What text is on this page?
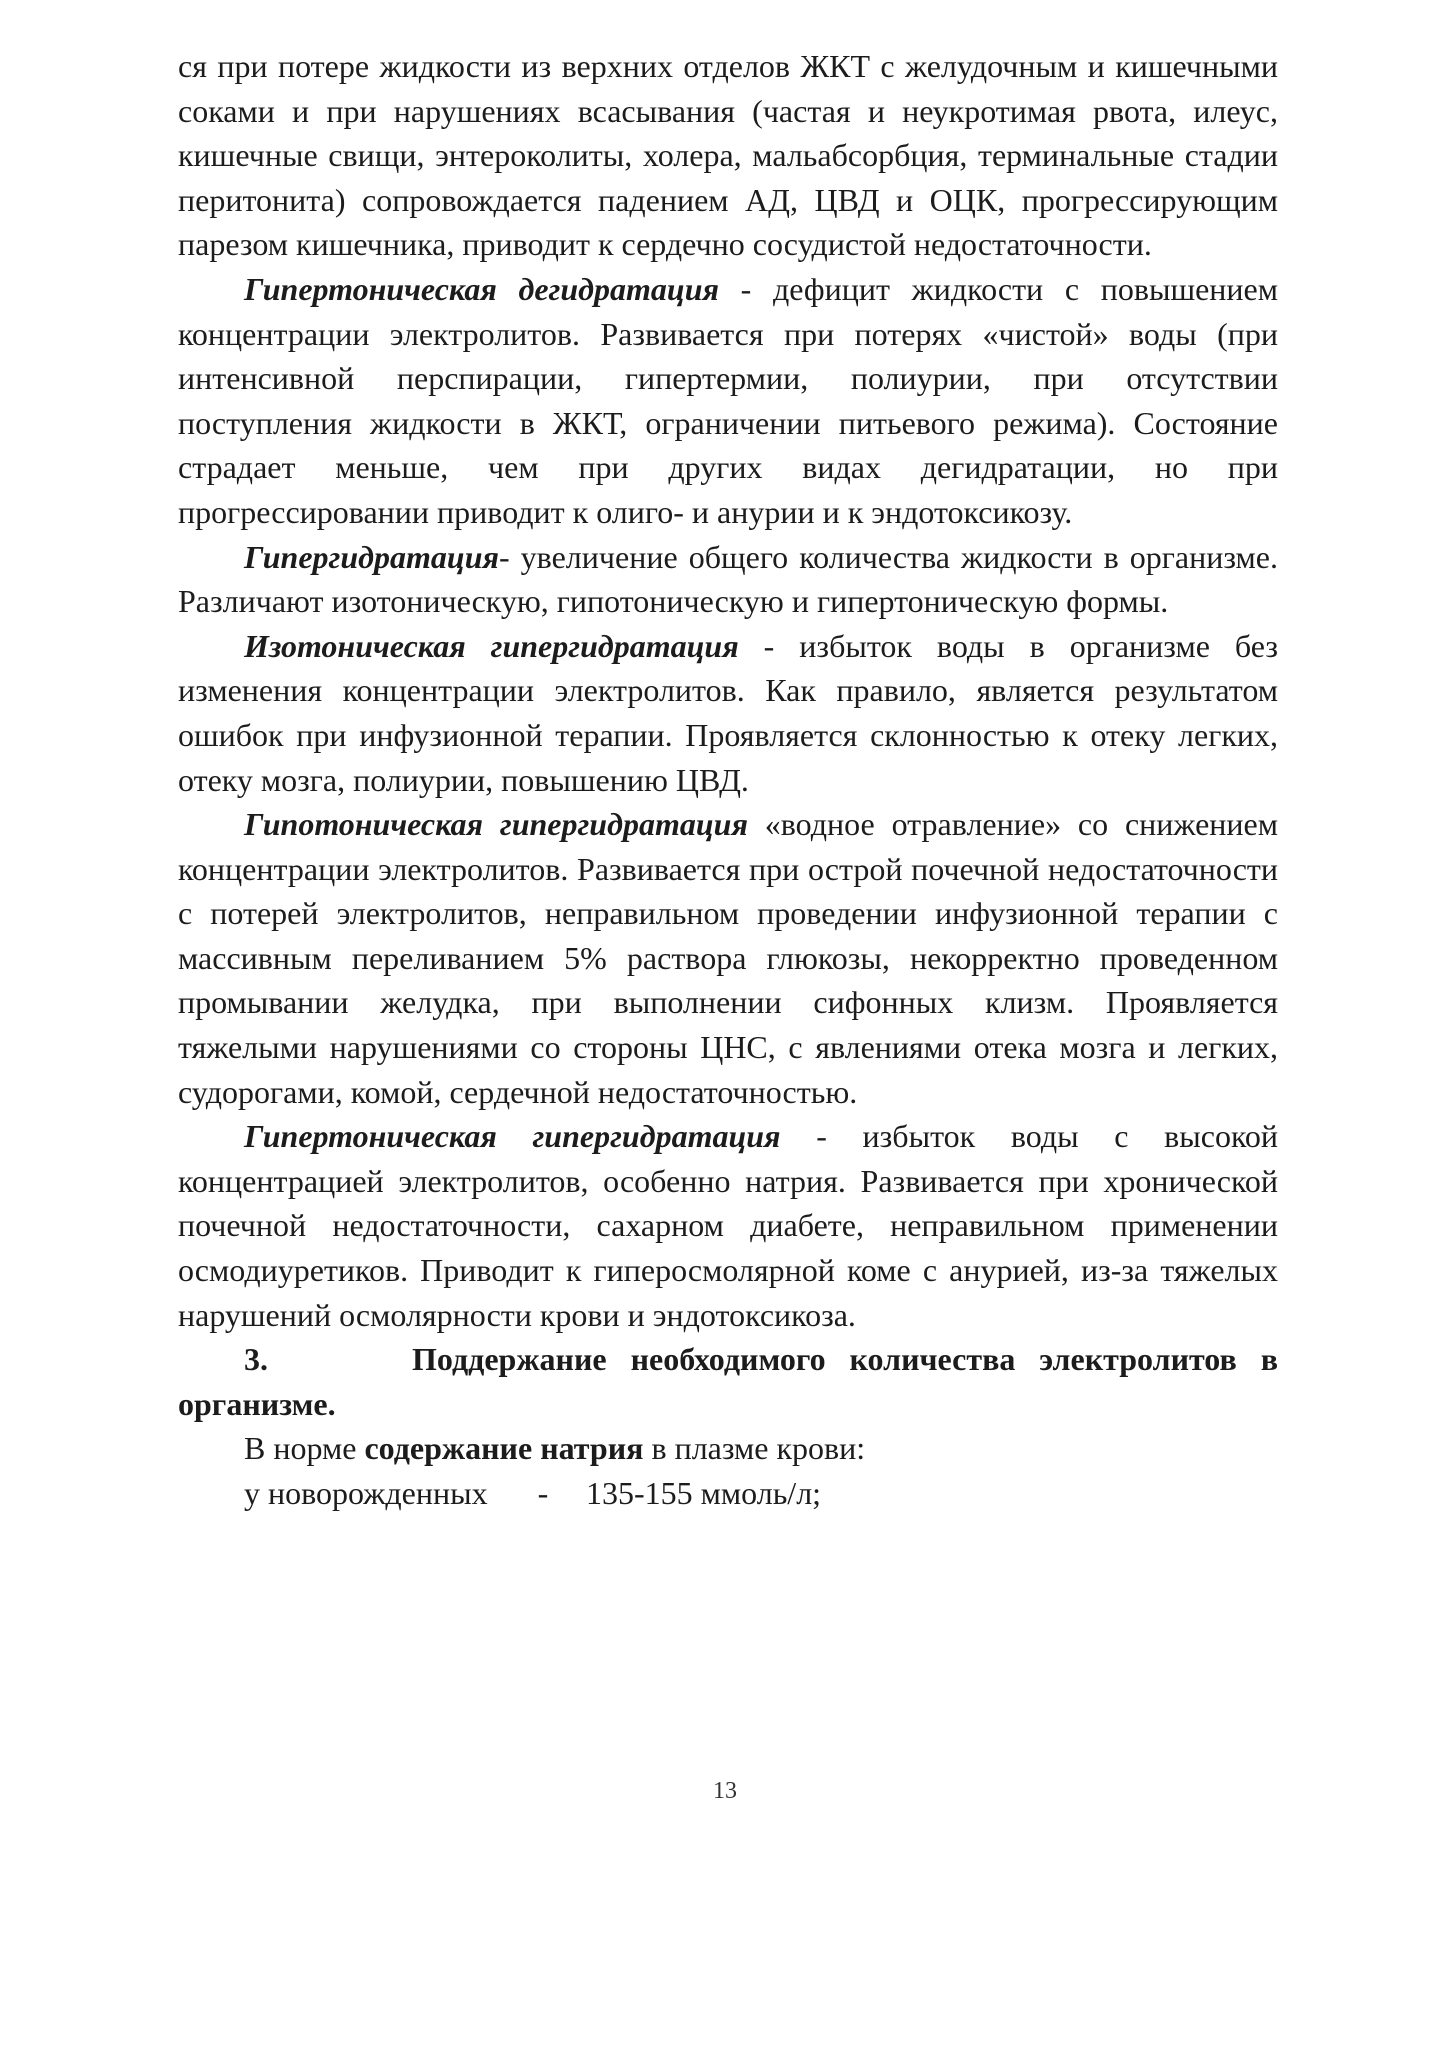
ся при потере жидкости из верхних отделов ЖКТ с желудочным и кишечными соками и при нарушениях всасывания (частая и неукротимая рвота, илеус, кишечные свищи, энтероколиты, холера, мальабсорбция, терминальные стадии перитонита) сопровождается падением АД, ЦВД и ОЦК, прогрессирующим парезом кишечника, приводит к сердечно сосудистой недостаточности.

Гипертоническая дегидратация - дефицит жидкости с повышением концентрации электролитов. Развивается при потерях «чистой» воды (при интенсивной перспирации, гипертермии, полиурии, при отсутствии поступления жидкости в ЖКТ, ограничении питьевого режима). Состояние страдает меньше, чем при других видах дегидратации, но при прогрессировании приводит к олиго- и анурии и к эндотоксикозу.

Гипергидратация- увеличение общего количества жидкости в организме. Различают изотоническую, гипотоническую и гипертоническую формы.

Изотоническая гипергидратация - избыток воды в организме без изменения концентрации электролитов. Как правило, является результатом ошибок при инфузионной терапии. Проявляется склонностью к отеку легких, отеку мозга, полиурии, повышению ЦВД.

Гипотоническая гипергидратация «водное отравление» со снижением концентрации электролитов. Развивается при острой почечной недостаточности с потерей электролитов, неправильном проведении инфузионной терапии с массивным переливанием 5% раствора глюкозы, некорректно проведенном промывании желудка, при выполнении сифонных клизм. Проявляется тяжелыми нарушениями со стороны ЦНС, с явлениями отека мозга и легких, судорогами, комой, сердечной недостаточностью.

Гипертоническая гипергидратация - избыток воды с высокой концентрацией электролитов, особенно натрия. Развивается при хронической почечной недостаточности, сахарном диабете, неправильном применении осмодиуретиков. Приводит к гиперосмолярной коме с анурией, из-за тяжелых нарушений осмолярности крови и эндотоксикоза.

3.	Поддержание необходимого количества электролитов в организме.

В норме содержание натрия в плазме крови:

у новорожденных - 135-155 ммоль/л;

13
